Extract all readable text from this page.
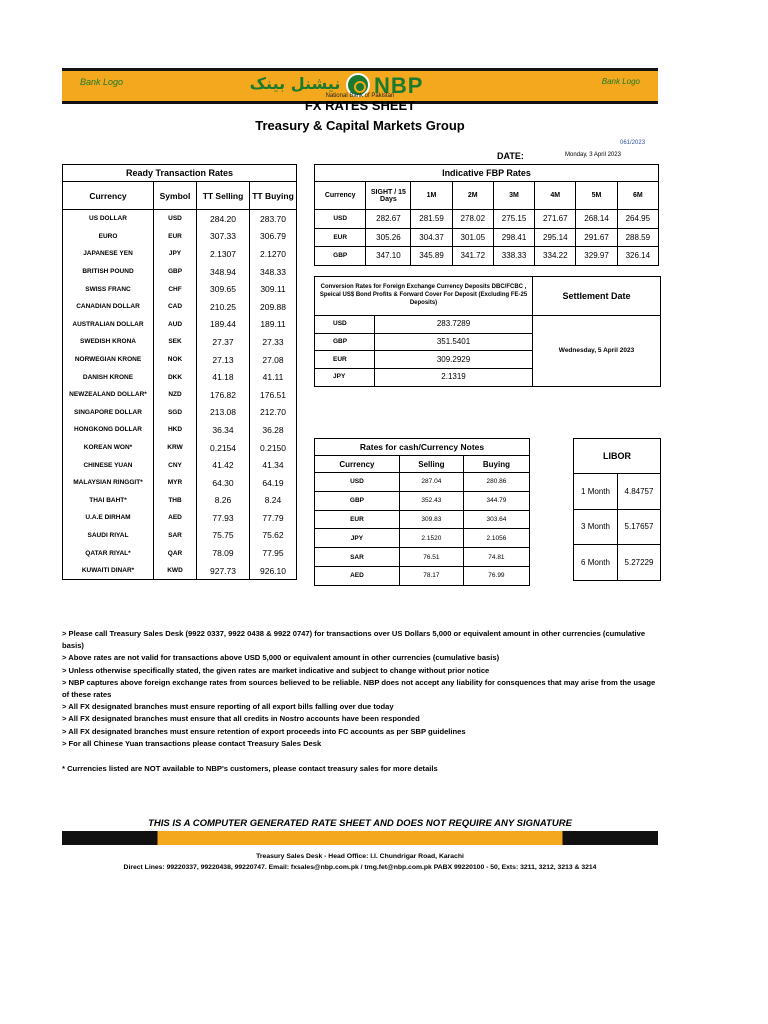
Bank Logo	نیشنل بینک	NBP
National Bank of Pakistan
Bank Logo
FX RATES SHEET
Treasury & Capital Markets Group
061/2023
DATE:	Monday, 3 April 2023
Ready Transaction Rates			
Currency	Symbol	TT Selling	TT Buying
US DOLLAR	USD	284.20	283.70
EURO	EUR	307.33	306.79
JAPANESE YEN	JPY	2.1307	2.1270
BRITISH POUND	GBP	348.94	348.33
SWISS FRANC	CHF	309.65	309.11
CANADIAN DOLLAR	CAD	210.25	209.88
AUSTRALIAN DOLLAR	AUD	189.44	189.11
SWEDISH KRONA	SEK	27.37	27.33
NORWEGIAN KRONE	NOK	27.13	27.08
DANISH KRONE	DKK	41.18	41.11
NEWZEALAND DOLLAR*	NZD	176.82	176.51
SINGAPORE DOLLAR	SGD	213.08	212.70
HONGKONG DOLLAR	HKD	36.34	36.28
KOREAN WON*	KRW	0.2154	0.2150
CHINESE YUAN	CNY	41.42	41.34
MALAYSIAN RINGGIT*	MYR	64.30	64.19
THAI BAHT*	THB	8.26	8.24
U.A.E DIRHAM	AED	77.93	77.79
SAUDI RIYAL	SAR	75.75	75.62
QATAR RIYAL*	QAR	78.09	77.95
KUWAITI DINAR*	KWD	927.73	926.10
Indicative FBP Rates							
Currency	SIGHT / 15 Days	1M	2M	3M	4M	5M	6M
USD	282.67	281.59	278.02	275.15	271.67	268.14	264.95
EUR	305.26	304.37	301.05	298.41	295.14	291.67	288.59
GBP	347.10	345.89	341.72	338.33	334.22	329.97	326.14
Conversion Rates for Foreign Exchange Currency Deposits DBC/FCBC , Speical US$ Bond Profits & Forward Cover For Deposit (Excluding FE-25 Deposits)
Settlement Date
USD	283.7289
GBP	351.5401
EUR	309.2929
JPY	2.1319
Wednesday, 5 April 2023
Rates for cash/Currency Notes		
Currency	Selling	Buying
USD	287.04	280.86
GBP	352.43	344.79
EUR	309.83	303.64
JPY	2.1520	2.1056
SAR	76.51	74.81
AED	78.17	76.99
LIBOR
1 Month	4.84757
3 Month	5.17657
6 Month	5.27229

> Please call Treasury Sales Desk (9922 0337, 9922 0438 & 9922 0747) for transactions over US Dollars 5,000 or equivalent amount in other currencies (cumulative basis)

> Above rates are not valid for transactions above USD 5,000 or equivalent amount in other currencies (cumulative basis)

> Unless otherwise specifically stated, the given rates are market indicative and subject to change without prior notice

> NBP captures above foreign exchange rates from sources believed to be reliable. NBP does not accept any liability for consquences that may arise from the usage of these rates

> All FX designated branches must ensure reporting of all export bills falling over due today

> All FX designated branches must ensure that all credits in Nostro accounts have been responded

> All FX designated branches must ensure retention of export proceeds into FC accounts as per SBP guidelines

> For all Chinese Yuan transactions please contact Treasury Sales Desk

* Currencies listed are NOT available to NBP's customers, please contact treasury sales for more details
THIS IS A COMPUTER GENERATED RATE SHEET AND DOES NOT REQUIRE ANY SIGNATURE
Treasury Sales Desk - Head Office: I.I. Chundrigar Road, Karachi
Direct Lines: 99220337, 99220438, 99220747. Email: fxsales@nbp.com.pk / tmg.fet@nbp.com.pk PABX 99220100 - 50, Exts: 3211, 3212, 3213 & 3214
